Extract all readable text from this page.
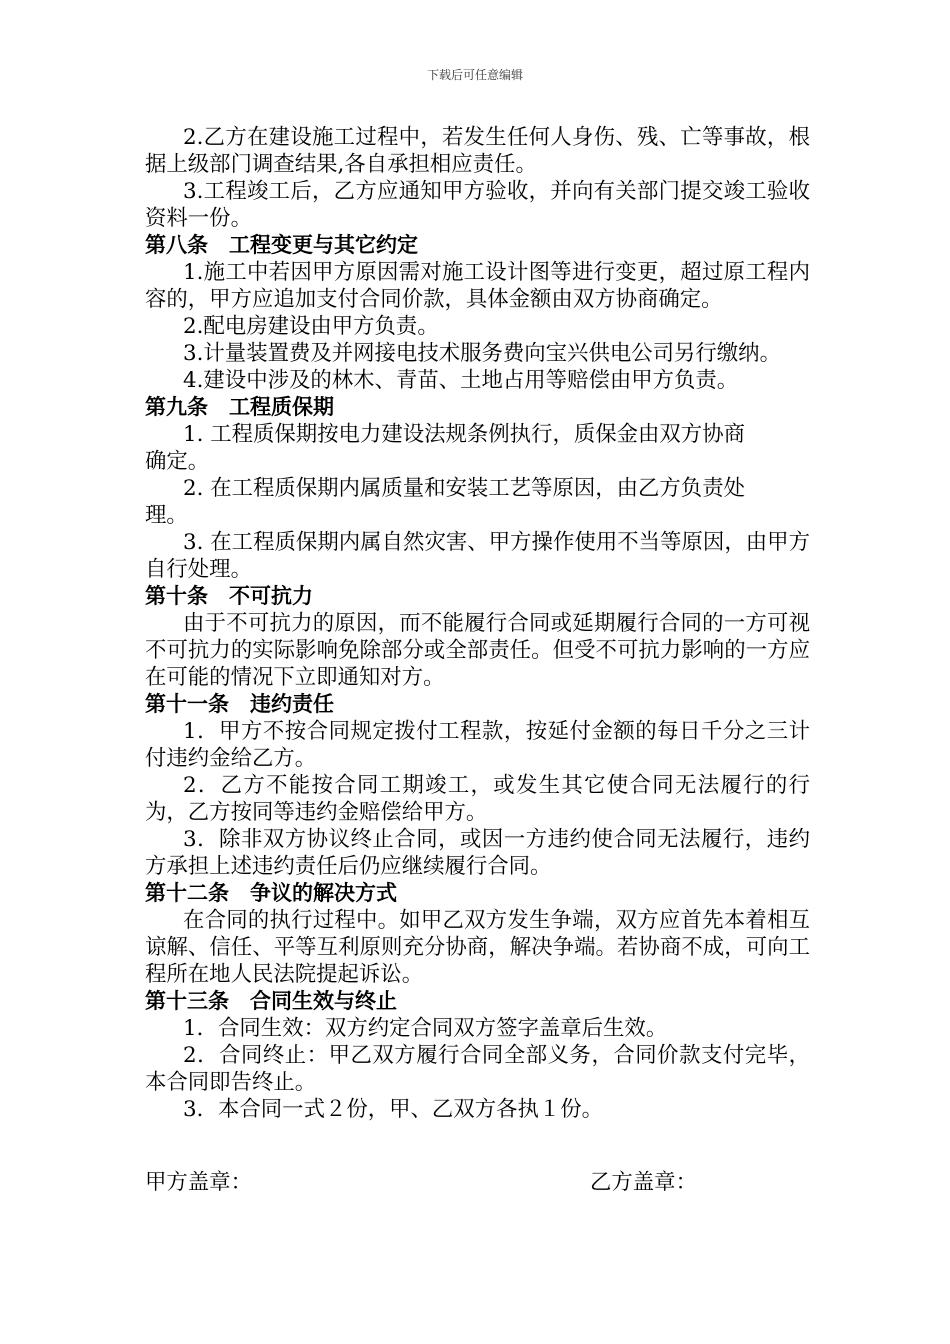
下载后可任意编辑

2.乙方在建设施工过程中，若发生任何人身伤、残、亡等事故，根据上级部门调查结果,各自承担相应责任。

3.工程竣工后，乙方应通知甲方验收，并向有关部门提交竣工验收资料一份。

第八条　工程变更与其它约定

1.施工中若因甲方原因需对施工设计图等进行变更，超过原工程内容的，甲方应追加支付合同价款，具体金额由双方协商确定。

2.配电房建设由甲方负责。

3.计量装置费及并网接电技术服务费向宝兴供电公司另行缴纳。

4.建设中涉及的林木、青苗、土地占用等赔偿由甲方负责。

第九条　工程质保期

1. 工程质保期按电力建设法规条例执行，质保金由双方协商

确定。

2. 在工程质保期内属质量和安装工艺等原因，由乙方负责处

理。

3. 在工程质保期内属自然灾害、甲方操作使用不当等原因，由甲方自行处理。

第十条　不可抗力

由于不可抗力的原因，而不能履行合同或延期履行合同的一方可视不可抗力的实际影响免除部分或全部责任。但受不可抗力影响的一方应在可能的情况下立即通知对方。

第十一条　违约责任

1．甲方不按合同规定拨付工程款，按延付金额的每日千分之三计付违约金给乙方。

2．乙方不能按合同工期竣工，或发生其它使合同无法履行的行为，乙方按同等违约金赔偿给甲方。

3．除非双方协议终止合同，或因一方违约使合同无法履行，违约方承担上述违约责任后仍应继续履行合同。

第十二条　争议的解决方式

在合同的执行过程中。如甲乙双方发生争端，双方应首先本着相互谅解、信任、平等互利原则充分协商，解决争端。若协商不成，可向工程所在地人民法院提起诉讼。

第十三条　合同生效与终止

1．合同生效：双方约定合同双方签字盖章后生效。

2．合同终止：甲乙双方履行合同全部义务，合同价款支付完毕，本合同即告终止。

3．本合同一式２份，甲、乙双方各执１份。

甲方盖章：	乙方盖章：
